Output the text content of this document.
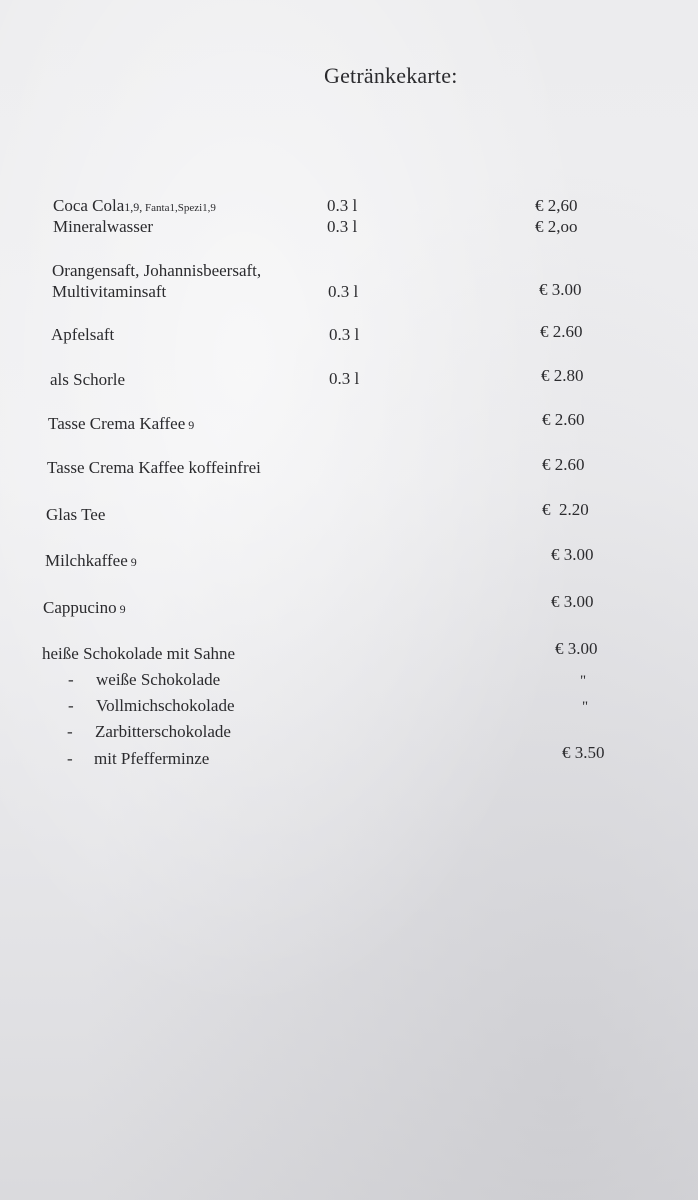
Getränkekarte:
Coca Cola1,9, Fanta1,Spezi1,9	0.3 l	€ 2,60
Mineralwasser	0.3 l	€ 2,oo
Orangensaft, Johannisbeersaft,
Multivitaminsaft	0.3 l	€ 3.00
Apfelsaft	0.3 l	€ 2.60
als Schorle	0.3 l	€ 2.80
Tasse Crema Kaffee 9	€ 2.60
Tasse Crema Kaffee koffeinfrei	€ 2.60
Glas Tee	€  2.20
Milchkaffee 9	€ 3.00
Cappucino 9	€ 3.00
heiße Schokolade mit Sahne	€ 3.00
- weiße Schokolade	"
- Vollmichschokolade	"
- Zarbitterschokolade
- mit Pfefferminze	€ 3.50
